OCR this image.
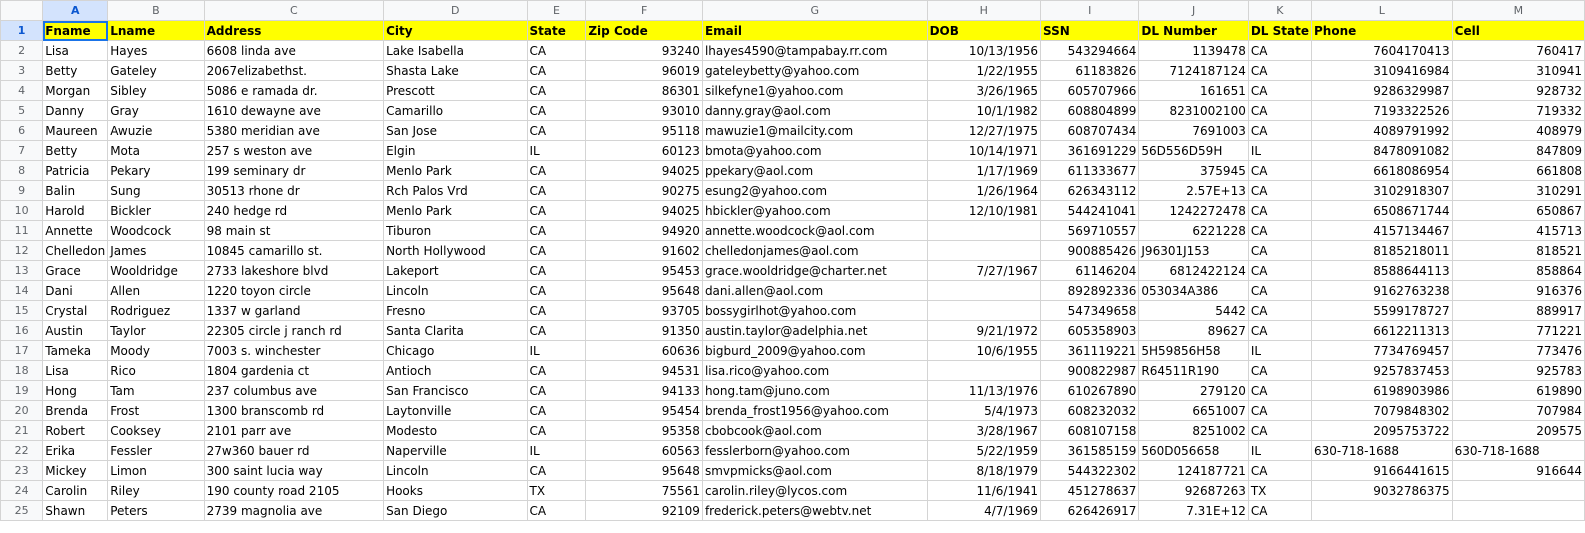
	A	B	C	D	E	F	G	H	I	J	K	L	M
1	Fname	Lname	Address	City	State	Zip Code	Email	DOB	SSN	DL Number	DL State	Phone	Cell
2	Lisa	Hayes	6608 linda ave	Lake Isabella	CA	93240	lhayes4590@tampabay.rr.com	10/13/1956	543294664	1139478	CA	7604170413	760417
3	Betty	Gateley	2067elizabethst.	Shasta Lake	CA	96019	gateleybetty@yahoo.com	1/22/1955	61183826	7124187124	CA	3109416984	310941
4	Morgan	Sibley	5086 e ramada dr.	Prescott	CA	86301	silkefyne1@yahoo.com	3/26/1965	605707966	161651	CA	9286329987	928732
5	Danny	Gray	1610 dewayne ave	Camarillo	CA	93010	danny.gray@aol.com	10/1/1982	608804899	8231002100	CA	7193322526	719332
6	Maureen	Awuzie	5380 meridian ave	San Jose	CA	95118	mawuzie1@mailcity.com	12/27/1975	608707434	7691003	CA	4089791992	408979
7	Betty	Mota	257 s weston ave	Elgin	IL	60123	bmota@yahoo.com	10/14/1971	361691229	56D556D59H	IL	8478091082	847809
8	Patricia	Pekary	199 seminary dr	Menlo Park	CA	94025	ppekary@aol.com	1/17/1969	611333677	375945	CA	6618086954	661808
9	Balin	Sung	30513 rhone dr	Rch Palos Vrd	CA	90275	esung2@yahoo.com	1/26/1964	626343112	2.57E+13	CA	3102918307	310291
10	Harold	Bickler	240 hedge rd	Menlo Park	CA	94025	hbickler@yahoo.com	12/10/1981	544241041	1242272478	CA	6508671744	650867
11	Annette	Woodcock	98 main st	Tiburon	CA	94920	annette.woodcock@aol.com		569710557	6221228	CA	4157134467	415713
12	Chelledon	James	10845 camarillo st.	North Hollywood	CA	91602	chelledonjames@aol.com		900885426	J96301J153	CA	8185218011	818521
13	Grace	Wooldridge	2733 lakeshore blvd	Lakeport	CA	95453	grace.wooldridge@charter.net	7/27/1967	61146204	6812422124	CA	8588644113	858864
14	Dani	Allen	1220 toyon circle	Lincoln	CA	95648	dani.allen@aol.com		892892336	053034A386	CA	9162763238	916376
15	Crystal	Rodriguez	1337 w garland	Fresno	CA	93705	bossygirlhot@yahoo.com		547349658	5442	CA	5599178727	889917
16	Austin	Taylor	22305 circle j ranch rd	Santa Clarita	CA	91350	austin.taylor@adelphia.net	9/21/1972	605358903	89627	CA	6612211313	771221
17	Tameka	Moody	7003 s. winchester	Chicago	IL	60636	bigburd_2009@yahoo.com	10/6/1955	361119221	5H59856H58	IL	7734769457	773476
18	Lisa	Rico	1804 gardenia ct	Antioch	CA	94531	lisa.rico@yahoo.com		900822987	R64511R190	CA	9257837453	925783
19	Hong	Tam	237 columbus ave	San Francisco	CA	94133	hong.tam@juno.com	11/13/1976	610267890	279120	CA	6198903986	619890
20	Brenda	Frost	1300 branscomb rd	Laytonville	CA	95454	brenda_frost1956@yahoo.com	5/4/1973	608232032	6651007	CA	7079848302	707984
21	Robert	Cooksey	2101 parr ave	Modesto	CA	95358	cbobcook@aol.com	3/28/1967	608107158	8251002	CA	2095753722	209575
22	Erika	Fessler	27w360 bauer rd	Naperville	IL	60563	fesslerborn@yahoo.com	5/22/1959	361585159	560D056658	IL	630-718-1688	630-718-1688
23	Mickey	Limon	300 saint lucia way	Lincoln	CA	95648	smvpmicks@aol.com	8/18/1979	544322302	124187721	CA	9166441615	916644
24	Carolin	Riley	190 county road 2105	Hooks	TX	75561	carolin.riley@lycos.com	11/6/1941	451278637	92687263	TX	9032786375	
25	Shawn	Peters	2739 magnolia ave	San Diego	CA	92109	frederick.peters@webtv.net	4/7/1969	626426917	7.31E+12	CA		
